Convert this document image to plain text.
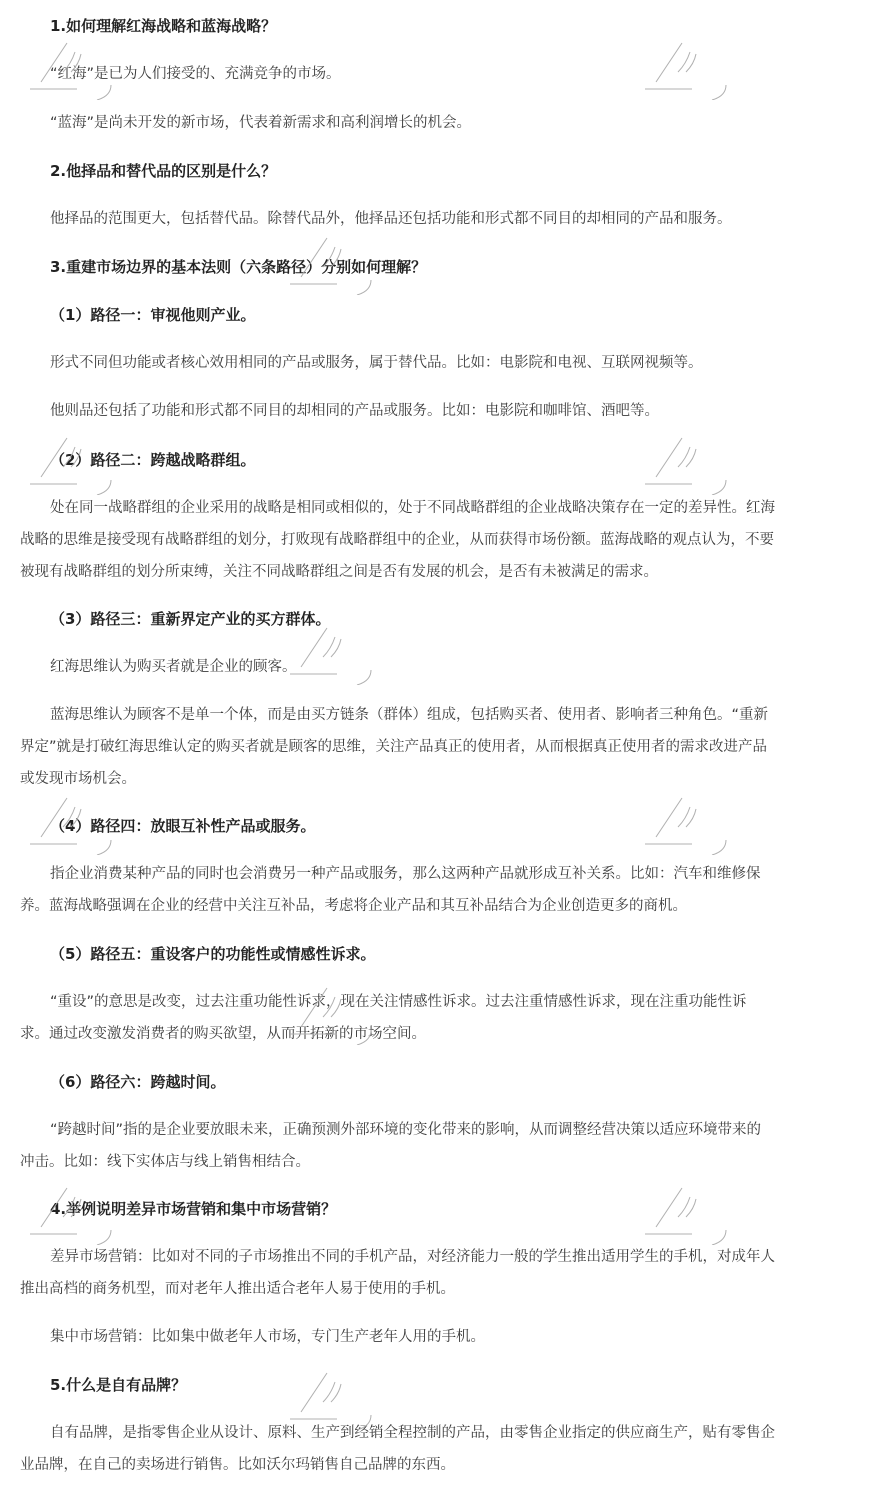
1.如何理解红海战略和蓝海战略？
“红海”是已为人们接受的、充满竞争的市场。
“蓝海”是尚未开发的新市场，代表着新需求和高利润增长的机会。
2.他择品和替代品的区别是什么？
他择品的范围更大，包括替代品。除替代品外，他择品还包括功能和形式都不同目的却相同的产品和服务。
3.重建市场边界的基本法则（六条路径）分别如何理解？
（1）路径一：审视他则产业。
形式不同但功能或者核心效用相同的产品或服务，属于替代品。比如：电影院和电视、互联网视频等。
他则品还包括了功能和形式都不同目的却相同的产品或服务。比如：电影院和咖啡馆、酒吧等。
（2）路径二：跨越战略群组。
处在同一战略群组的企业采用的战略是相同或相似的，处于不同战略群组的企业战略决策存在一定的差异性。红海
战略的思维是接受现有战略群组的划分，打败现有战略群组中的企业，从而获得市场份额。蓝海战略的观点认为，不要
被现有战略群组的划分所束缚，关注不同战略群组之间是否有发展的机会，是否有未被满足的需求。
（3）路径三：重新界定产业的买方群体。
红海思维认为购买者就是企业的顾客。
蓝海思维认为顾客不是单一个体，而是由买方链条（群体）组成，包括购买者、使用者、影响者三种角色。“重新
界定”就是打破红海思维认定的购买者就是顾客的思维，关注产品真正的使用者，从而根据真正使用者的需求改进产品
或发现市场机会。
（4）路径四：放眼互补性产品或服务。
指企业消费某种产品的同时也会消费另一种产品或服务，那么这两种产品就形成互补关系。比如：汽车和维修保
养。蓝海战略强调在企业的经营中关注互补品，考虑将企业产品和其互补品结合为企业创造更多的商机。
（5）路径五：重设客户的功能性或情感性诉求。
“重设”的意思是改变，过去注重功能性诉求，现在关注情感性诉求。过去注重情感性诉求，现在注重功能性诉
求。通过改变激发消费者的购买欲望，从而开拓新的市场空间。
（6）路径六：跨越时间。
“跨越时间”指的是企业要放眼未来，正确预测外部环境的变化带来的影响，从而调整经营决策以适应环境带来的
冲击。比如：线下实体店与线上销售相结合。
4.举例说明差异市场营销和集中市场营销？
差异市场营销：比如对不同的子市场推出不同的手机产品，对经济能力一般的学生推出适用学生的手机，对成年人
推出高档的商务机型，而对老年人推出适合老年人易于使用的手机。
集中市场营销：比如集中做老年人市场，专门生产老年人用的手机。
5.什么是自有品牌？
自有品牌，是指零售企业从设计、原料、生产到经销全程控制的产品，由零售企业指定的供应商生产，贴有零售企
业品牌，在自己的卖场进行销售。比如沃尔玛销售自己品牌的东西。
